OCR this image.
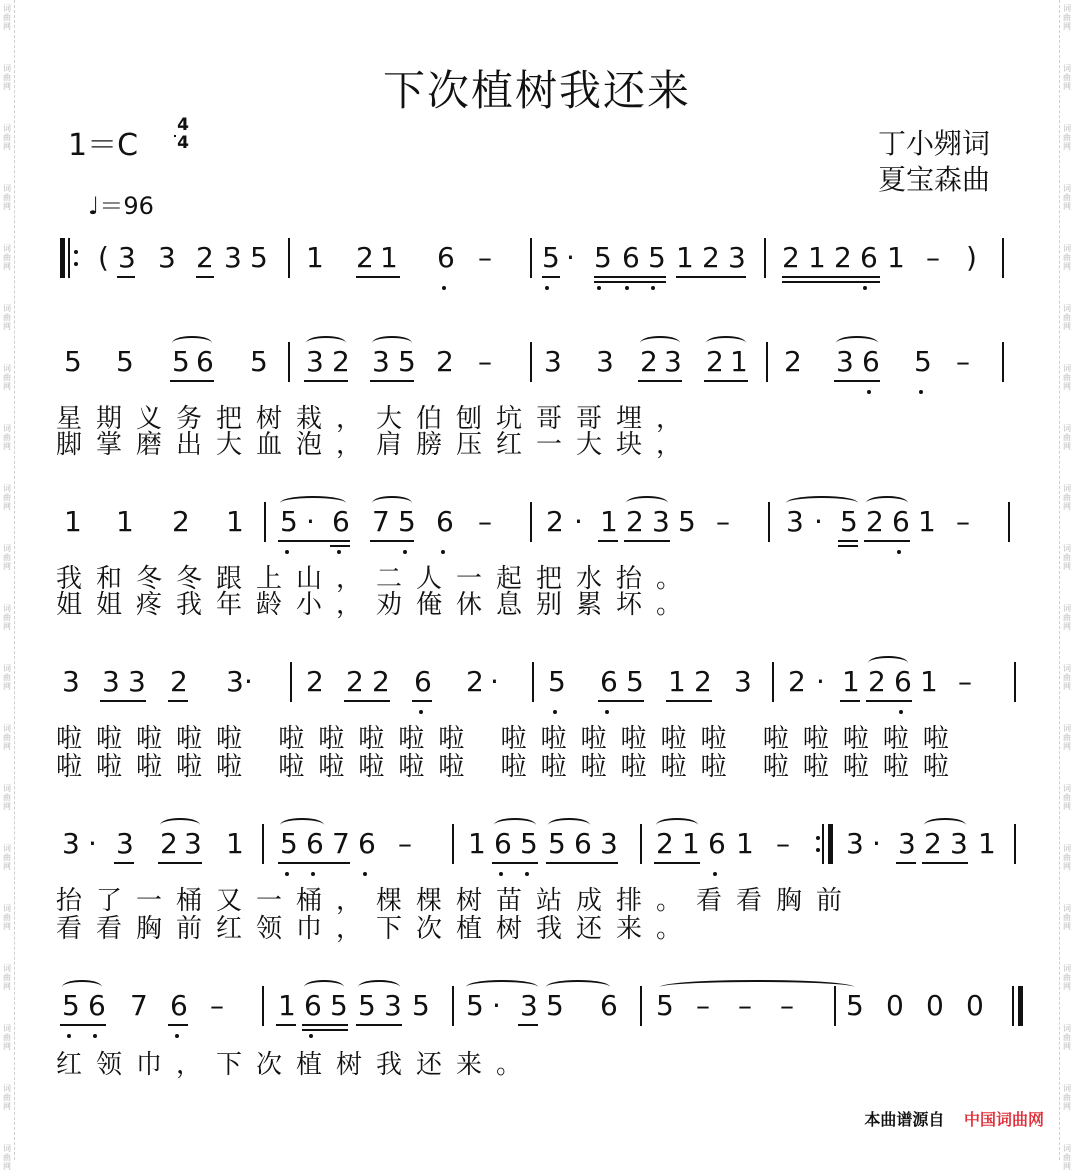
词
曲
网
词
曲
网
词
曲
网
词
曲
网
词
曲
网
词
曲
网
词
曲
网
词
曲
网
词
曲
网
词
曲
网
词
曲
网
词
曲
网
词
曲
网
词
曲
网
词
曲
网
词
曲
网
词
曲
网
词
曲
网
词
曲
网
词
曲
网
词
曲
网
词
曲
网
词
曲
网
词
曲
网
词
曲
网
词
曲
网
词
曲
网
词
曲
网
词
曲
网
词
曲
网
词
曲
网
词
曲
网
词
曲
网
词
曲
网
词
曲
网
词
曲
网
词
曲
网
词
曲
网
词
曲
网
词
曲
网
下次植树我还来
1＝C
4
4
♩＝96
丁小翙词
夏宝森曲
3 3 2 3 5 1 2 1 6 – 5 · 5 6 5 1 2 3 2 1 2 6 1 – )
(
5 5 5 6 5 3 2 3 5 2 – 3 3 2 3 2 1 2 3 6 5 –
星期义务把树栽，大伯刨坑哥哥埋，
脚掌磨出大血泡，肩膀压红一大块，
1 1 2 1 5 · 6 7 5 6 – 2 · 1 2 3 5 – 3 · 5 2 6 1 –
我和冬冬跟上山，二人一起把水抬。
姐姐疼我年龄小，劝俺休息别累坏。
3 3 3 2 3 · 2 2 2 6 2 · 5 6 5 1 2 3 2 · 1 2 6 1 –
啦啦啦啦啦 啦啦啦啦啦 啦啦啦啦啦啦 啦啦啦啦啦
啦啦啦啦啦 啦啦啦啦啦 啦啦啦啦啦啦 啦啦啦啦啦
3 · 3 2 3 1 5 6 7 6 – 1 6 5 5 6 3 2 1 6 1 – 3 · 3 2 3 1
抬了一桶又一桶，棵棵树苗站成排。看看胸前
看看胸前红领巾，下次植树我还来。
5 6 7 6 – 1 6 5 5 3 5 5 · 3 5 6 5 – – – 5 0 0 0
红领巾，下次植树我还来。
本曲谱源自 中国词曲网
